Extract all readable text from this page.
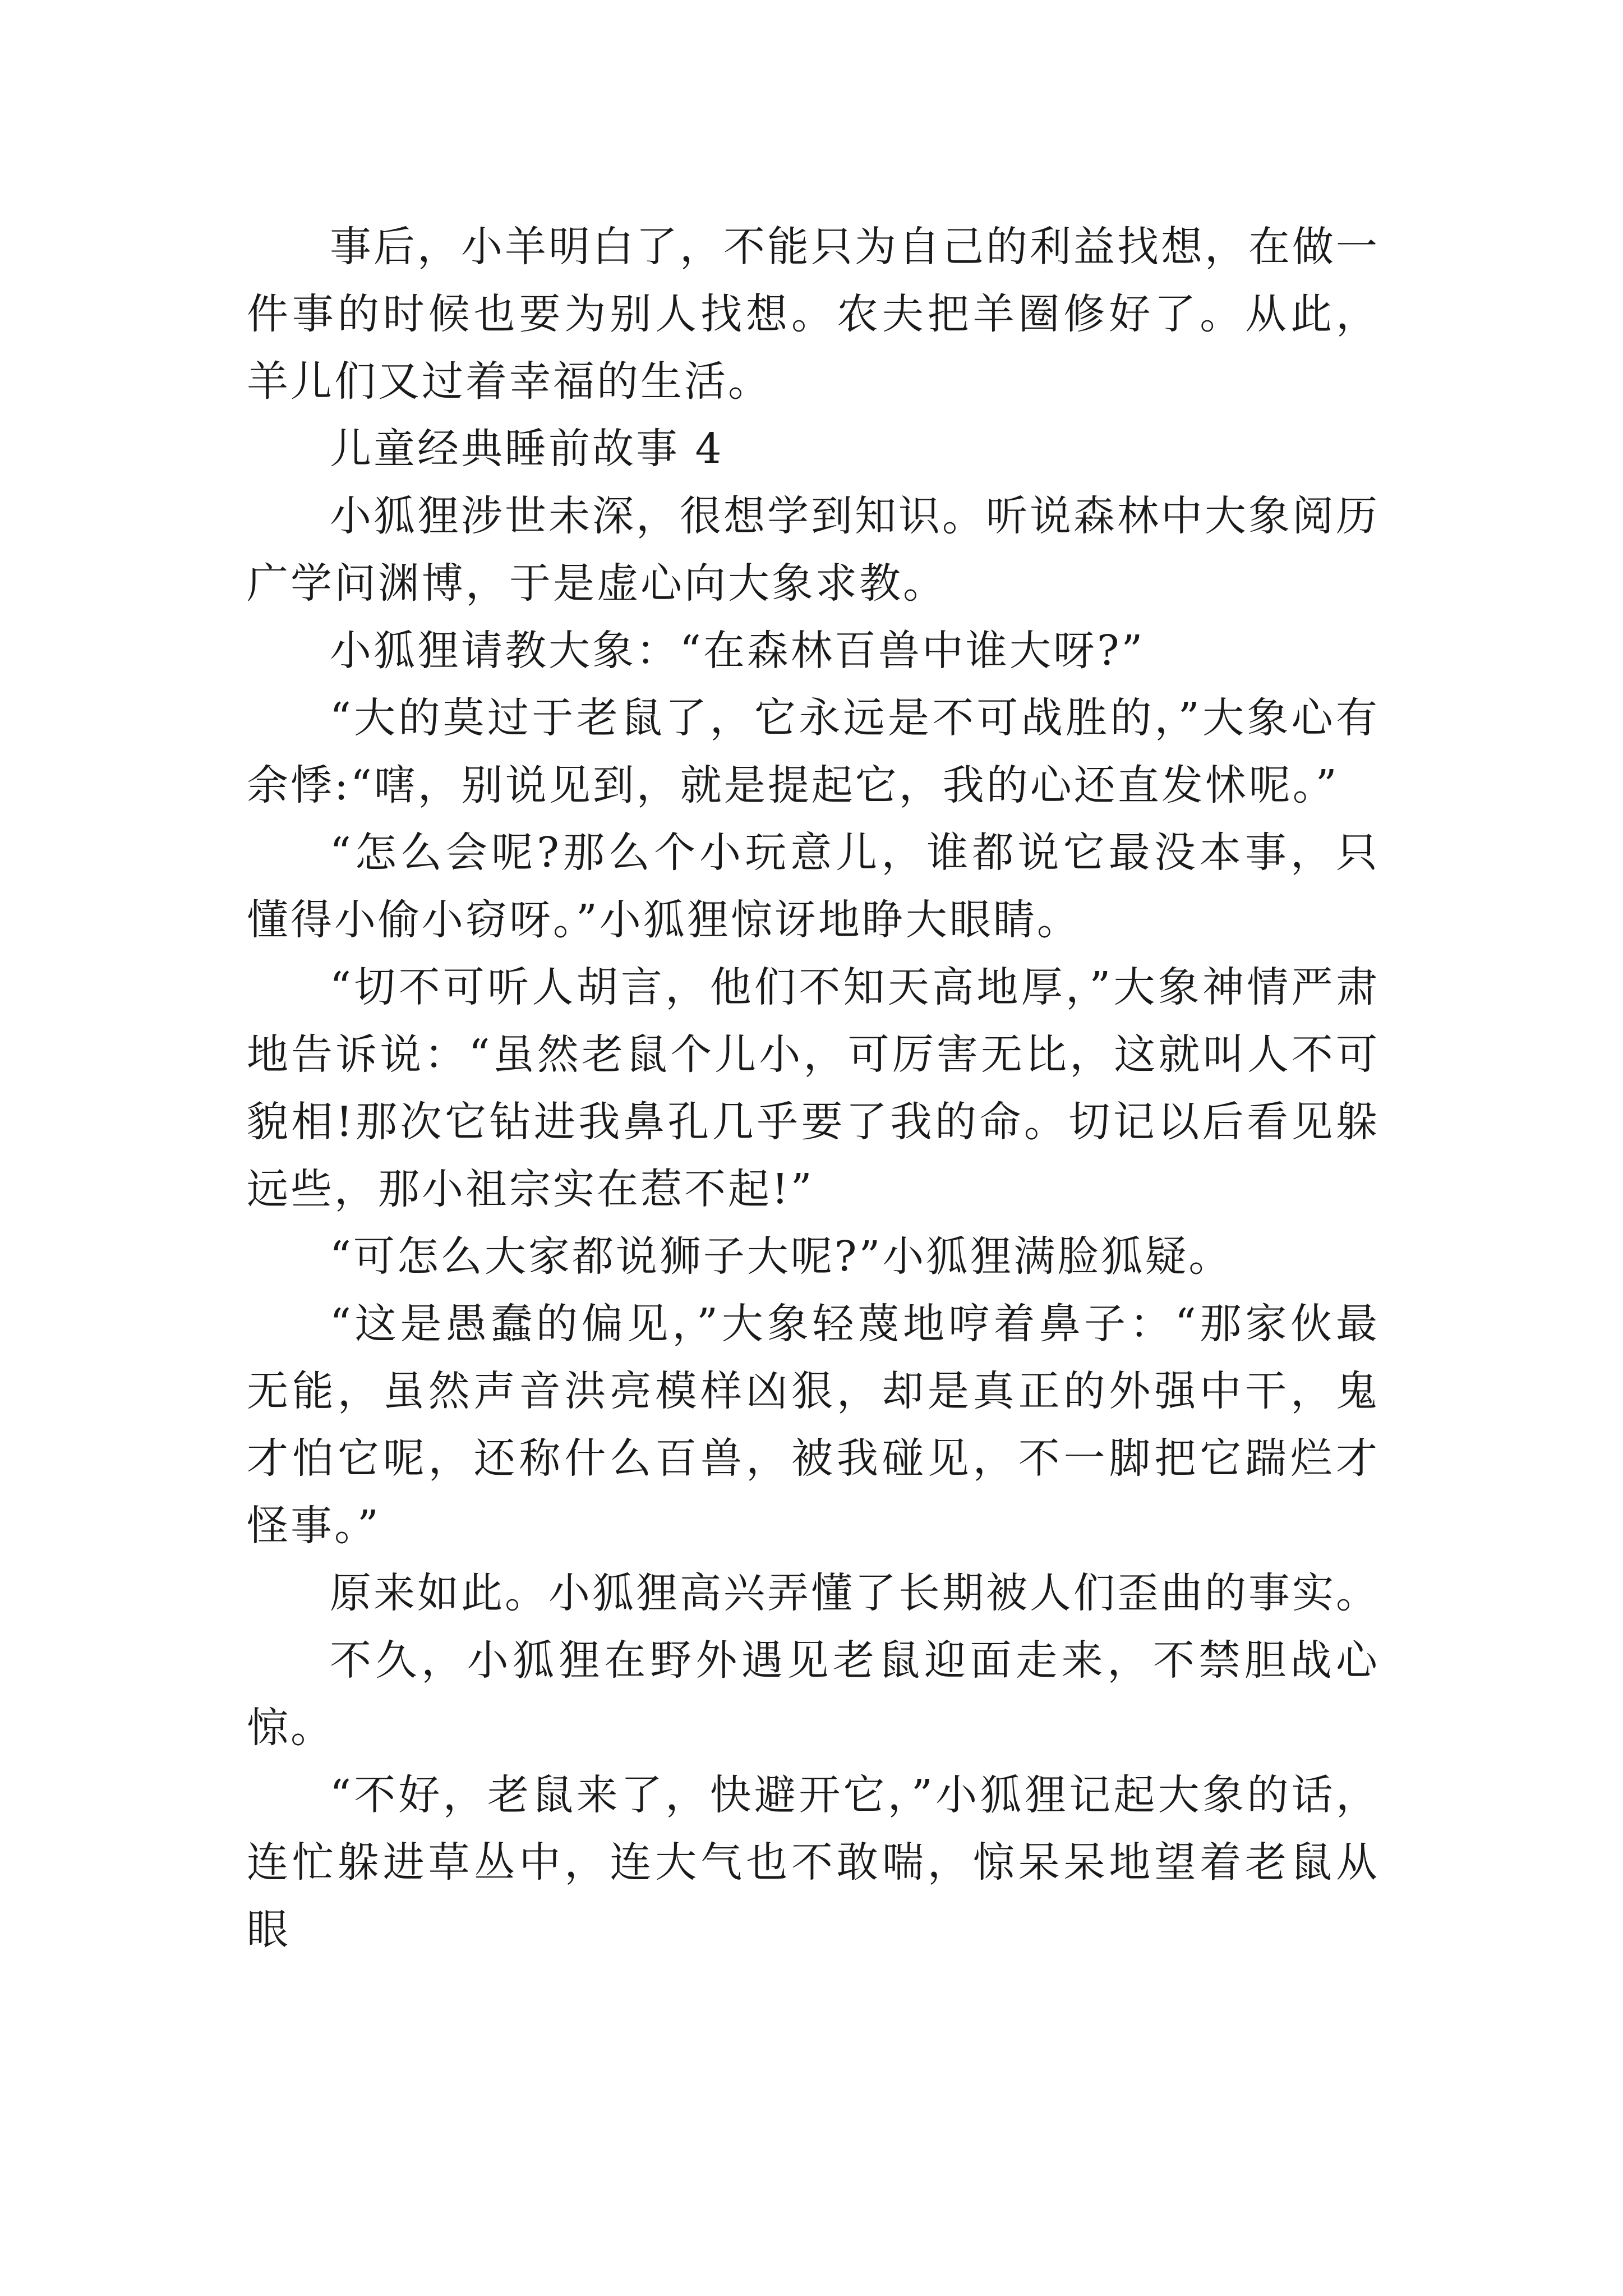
事后，小羊明白了，不能只为自己的利益找想，在做一件事的时候也要为别人找想。农夫把羊圈修好了。从此，羊儿们又过着幸福的生活。

儿童经典睡前故事 4

小狐狸涉世未深，很想学到知识。听说森林中大象阅历广学问渊博，于是虚心向大象求教。

小狐狸请教大象：“在森林百兽中谁大呀?”

“大的莫过于老鼠了，它永远是不可战胜的，”大象心有余悸:“嗐，别说见到，就是提起它，我的心还直发怵呢。”

“怎么会呢?那么个小玩意儿，谁都说它最没本事，只懂得小偷小窃呀。”小狐狸惊讶地睁大眼睛。

“切不可听人胡言，他们不知天高地厚，”大象神情严肃地告诉说：“虽然老鼠个儿小，可厉害无比，这就叫人不可貌相!那次它钻进我鼻孔几乎要了我的命。切记以后看见躲远些，那小祖宗实在惹不起!”

“可怎么大家都说狮子大呢?”小狐狸满脸狐疑。

“这是愚蠢的偏见，”大象轻蔑地哼着鼻子：“那家伙最无能，虽然声音洪亮模样凶狠，却是真正的外强中干，鬼才怕它呢，还称什么百兽，被我碰见，不一脚把它踹烂才怪事。”

原来如此。小狐狸高兴弄懂了长期被人们歪曲的事实。

不久，小狐狸在野外遇见老鼠迎面走来，不禁胆战心惊。

“不好，老鼠来了，快避开它，”小狐狸记起大象的话，连忙躲进草丛中，连大气也不敢喘，惊呆呆地望着老鼠从眼
